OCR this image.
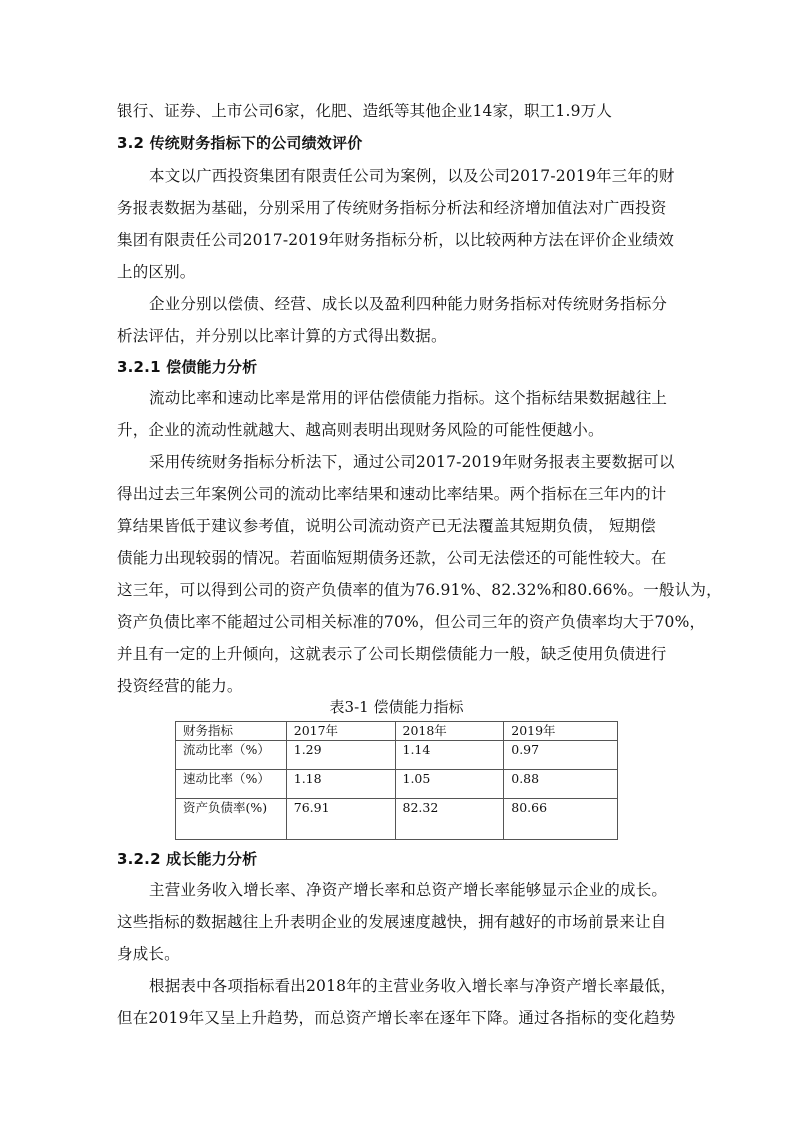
银行、证券、上市公司6家，化肥、造纸等其他企业14家，职工1.9万人
3.2 传统财务指标下的公司绩效评价
本文以广西投资集团有限责任公司为案例，以及公司2017-2019年三年的财
务报表数据为基础，分别采用了传统财务指标分析法和经济增加值法对广西投资
集团有限责任公司2017-2019年财务指标分析，以比较两种方法在评价企业绩效
上的区别。
企业分别以偿债、经营、成长以及盈利四种能力财务指标对传统财务指标分
析法评估，并分别以比率计算的方式得出数据。
3.2.1 偿债能力分析
流动比率和速动比率是常用的评估偿债能力指标。这个指标结果数据越往上
升，企业的流动性就越大、越高则表明出现财务风险的可能性便越小。
采用传统财务指标分析法下，通过公司2017-2019年财务报表主要数据可以
得出过去三年案例公司的流动比率结果和速动比率结果。两个指标在三年内的计
算结果皆低于建议参考值，说明公司流动资产已无法覆盖其短期负债， 短期偿
债能力出现较弱的情况。若面临短期债务还款，公司无法偿还的可能性较大。在
这三年，可以得到公司的资产负债率的值为76.91%、82.32%和80.66%。一般认为，
资产负债比率不能超过公司相关标准的70%，但公司三年的资产负债率均大于70%，
并且有一定的上升倾向，这就表示了公司长期偿债能力一般，缺乏使用负债进行
投资经营的能力。
表3-1 偿债能力指标
财务指标	2017年	2018年	2019年
流动比率（%）	1.29	1.14	0.97
速动比率（%）	1.18	1.05	0.88
资产负债率(%)	76.91	82.32	80.66
3.2.2 成长能力分析
主营业务收入增长率、净资产增长率和总资产增长率能够显示企业的成长。
这些指标的数据越往上升表明企业的发展速度越快，拥有越好的市场前景来让自
身成长。
根据表中各项指标看出2018年的主营业务收入增长率与净资产增长率最低，
但在2019年又呈上升趋势，而总资产增长率在逐年下降。通过各指标的变化趋势
